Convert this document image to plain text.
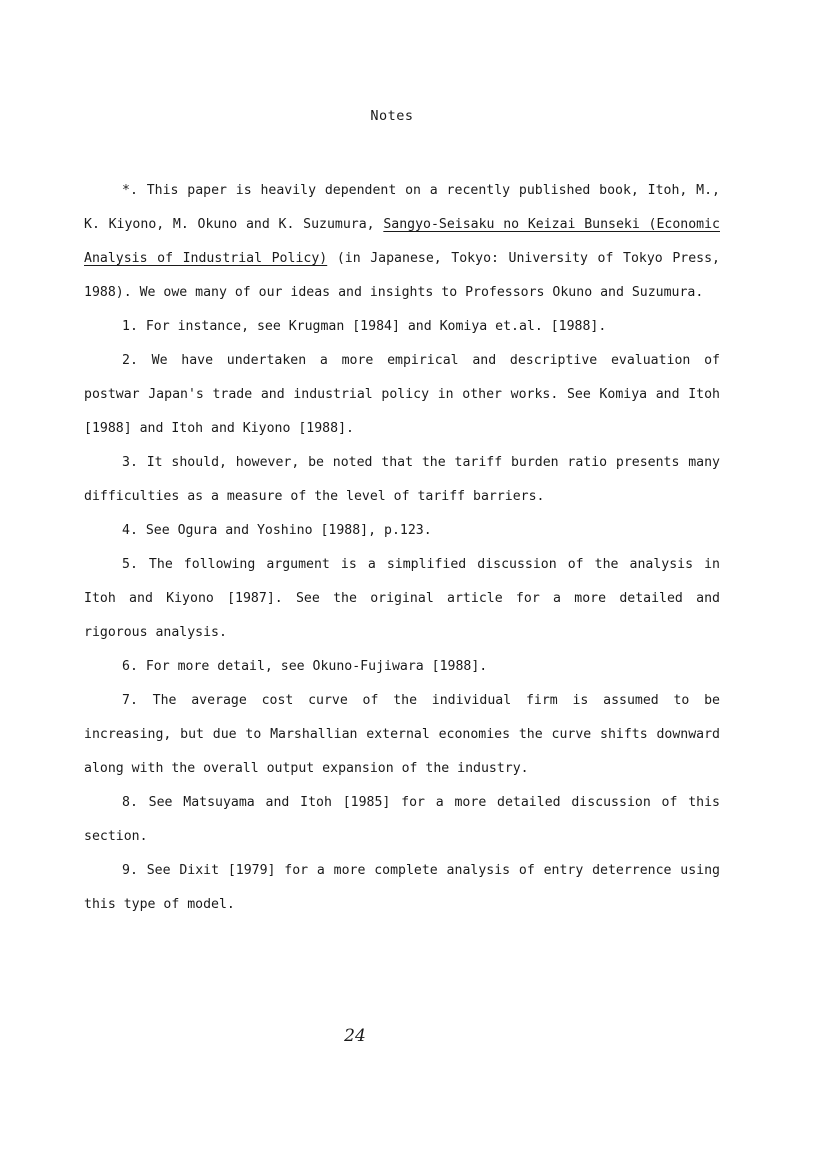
Notes

*. This paper is heavily dependent on a recently published book, Itoh, M., K. Kiyono, M. Okuno and K. Suzumura, Sangyo-Seisaku no Keizai Bunseki (Economic Analysis of Industrial Policy) (in Japanese, Tokyo: University of Tokyo Press, 1988). We owe many of our ideas and insights to Professors Okuno and Suzumura.

1. For instance, see Krugman [1984] and Komiya et.al. [1988].

2. We have undertaken a more empirical and descriptive evaluation of postwar Japan's trade and industrial policy in other works. See Komiya and Itoh [1988] and Itoh and Kiyono [1988].

3. It should, however, be noted that the tariff burden ratio presents many difficulties as a measure of the level of tariff barriers.

4. See Ogura and Yoshino [1988], p.123.

5. The following argument is a simplified discussion of the analysis in Itoh and Kiyono [1987]. See the original article for a more detailed and rigorous analysis.

6. For more detail, see Okuno-Fujiwara [1988].

7. The average cost curve of the individual firm is assumed to be increasing, but due to Marshallian external economies the curve shifts downward along with the overall output expansion of the industry.

8. See Matsuyama and Itoh [1985] for a more detailed discussion of this section.

9. See Dixit [1979] for a more complete analysis of entry deterrence using this type of model.

24
